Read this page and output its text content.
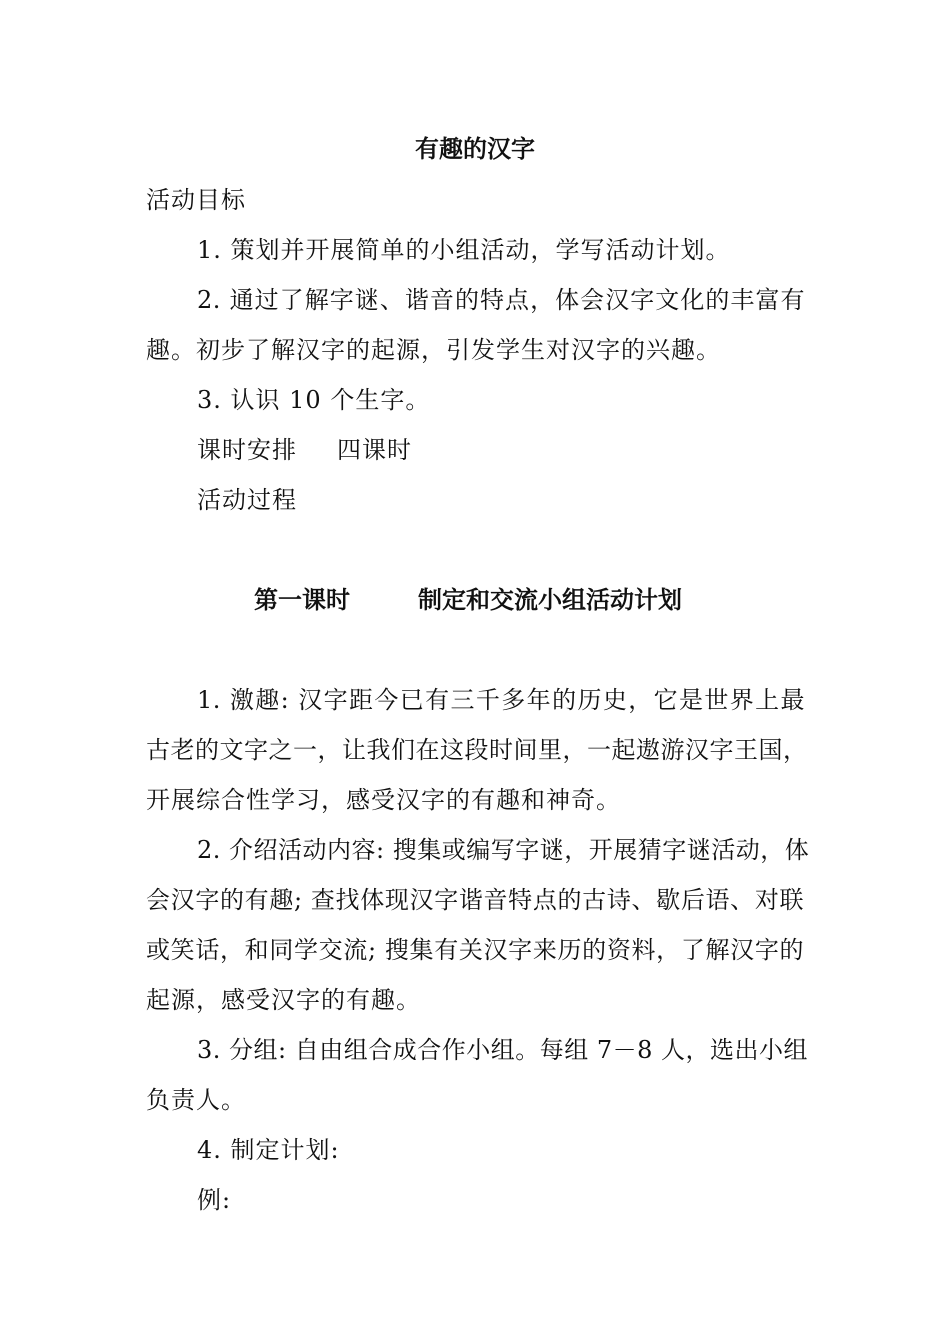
有趣的汉字
活动目标
1. 策划并开展简单的小组活动，学写活动计划。
2. 通过了解字谜、谐音的特点，体会汉字文化的丰富有
趣。初步了解汉字的起源，引发学生对汉字的兴趣。
3. 认识 10 个生字。
课时安排 四课时
活动过程
第一课时	制定和交流小组活动计划
1. 激趣: 汉字距今已有三千多年的历史，它是世界上最
古老的文字之一，让我们在这段时间里，一起遨游汉字王国，
开展综合性学习，感受汉字的有趣和神奇。
2. 介绍活动内容: 搜集或编写字谜，开展猜字谜活动，体
会汉字的有趣; 查找体现汉字谐音特点的古诗、歇后语、对联
或笑话，和同学交流; 搜集有关汉字来历的资料，了解汉字的
起源，感受汉字的有趣。
3. 分组: 自由组合成合作小组。每组 7－8 人，选出小组
负责人。
4. 制定计划:
例:
